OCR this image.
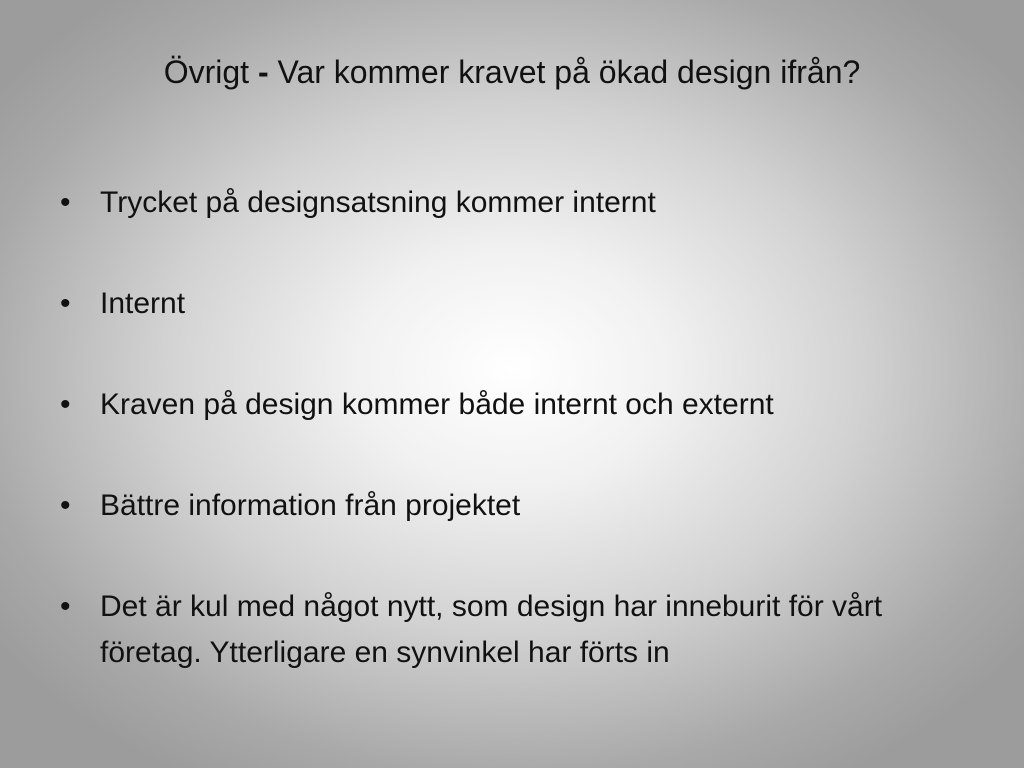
Övrigt - Var kommer kravet på ökad design ifrån?
• Trycket på designsatsning kommer internt
• Internt
• Kraven på design kommer både internt och externt
• Bättre information från projektet
• Det är kul med något nytt, som design har inneburit för vårt företag. Ytterligare en synvinkel har förts in
